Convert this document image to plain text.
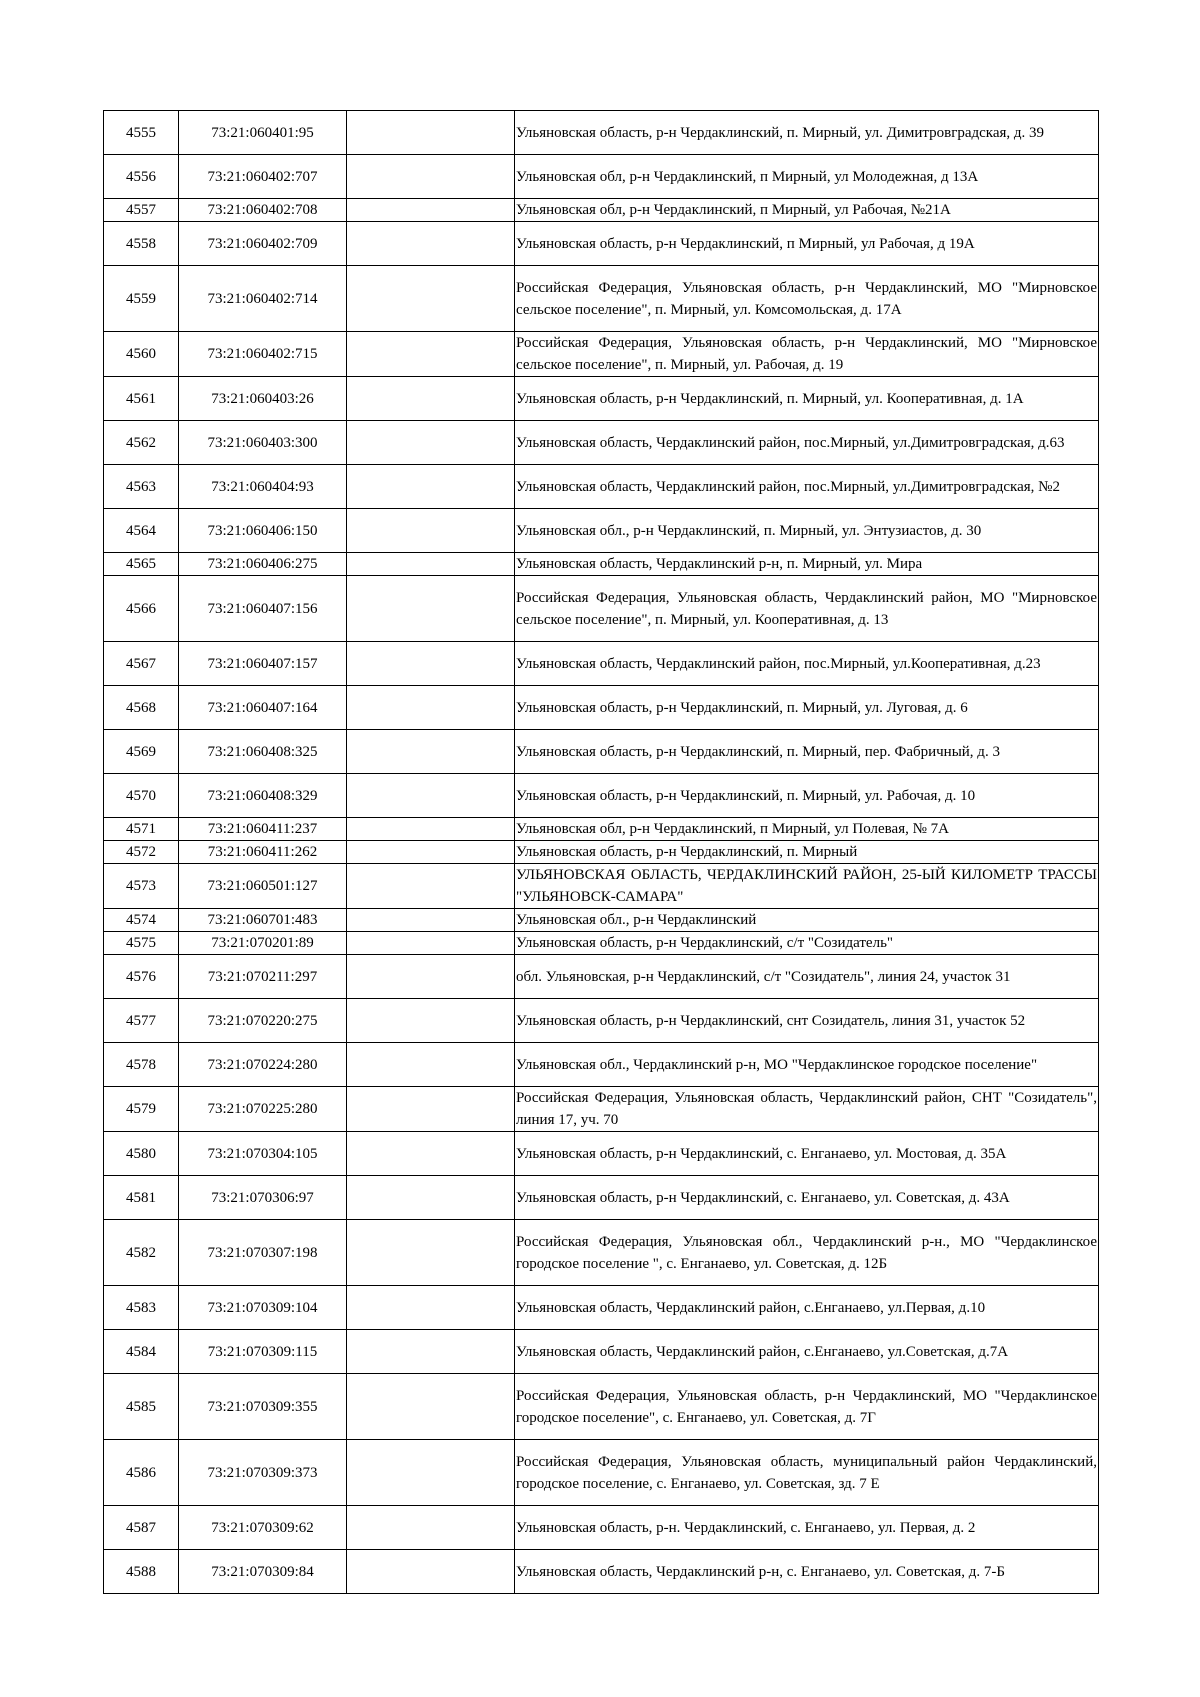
4555	73:21:060401:95		Ульяновская область, р-н Чердаклинский, п. Мирный, ул. Димитровградская, д. 39
4556	73:21:060402:707		Ульяновская обл, р-н Чердаклинский, п Мирный, ул Молодежная, д 13А
4557	73:21:060402:708		Ульяновская обл, р-н Чердаклинский, п Мирный, ул Рабочая, №21А
4558	73:21:060402:709		Ульяновская область, р-н Чердаклинский, п Мирный, ул Рабочая, д 19А
4559	73:21:060402:714		Российская Федерация, Ульяновская область, р-н Чердаклинский, МО "Мирновское сельское поселение", п. Мирный, ул. Комсомольская, д. 17А
4560	73:21:060402:715		Российская Федерация, Ульяновская область, р-н Чердаклинский, МО "Мирновское сельское поселение", п. Мирный, ул. Рабочая, д. 19
4561	73:21:060403:26		Ульяновская область, р-н Чердаклинский, п. Мирный, ул. Кооперативная, д. 1А
4562	73:21:060403:300		Ульяновская область, Чердаклинский район, пос.Мирный, ул.Димитровградская, д.63
4563	73:21:060404:93		Ульяновская область, Чердаклинский район, пос.Мирный, ул.Димитровградская, №2
4564	73:21:060406:150		Ульяновская обл., р-н Чердаклинский, п. Мирный, ул. Энтузиастов, д. 30
4565	73:21:060406:275		Ульяновская область, Чердаклинский р-н, п. Мирный, ул. Мира
4566	73:21:060407:156		Российская Федерация, Ульяновская область, Чердаклинский район, МО "Мирновское сельское поселение", п. Мирный, ул. Кооперативная, д. 13
4567	73:21:060407:157		Ульяновская область, Чердаклинский район, пос.Мирный, ул.Кооперативная, д.23
4568	73:21:060407:164		Ульяновская область, р-н Чердаклинский, п. Мирный, ул. Луговая, д. 6
4569	73:21:060408:325		Ульяновская область, р-н Чердаклинский, п. Мирный, пер. Фабричный, д. 3
4570	73:21:060408:329		Ульяновская область, р-н Чердаклинский, п. Мирный, ул. Рабочая, д. 10
4571	73:21:060411:237		Ульяновская обл, р-н Чердаклинский, п Мирный, ул Полевая, № 7А
4572	73:21:060411:262		Ульяновская область, р-н Чердаклинский, п. Мирный
4573	73:21:060501:127		УЛЬЯНОВСКАЯ ОБЛАСТЬ, ЧЕРДАКЛИНСКИЙ РАЙОН, 25-ЫЙ КИЛОМЕТР ТРАССЫ "УЛЬЯНОВСК-САМАРА"
4574	73:21:060701:483		Ульяновская обл., р-н Чердаклинский
4575	73:21:070201:89		Ульяновская область, р-н Чердаклинский, с/т "Созидатель"
4576	73:21:070211:297		обл. Ульяновская, р-н Чердаклинский, с/т "Созидатель", линия 24, участок 31
4577	73:21:070220:275		Ульяновская область, р-н Чердаклинский, снт Созидатель, линия 31, участок 52
4578	73:21:070224:280		Ульяновская обл., Чердаклинский р-н, МО "Чердаклинское городское поселение"
4579	73:21:070225:280		Российская Федерация, Ульяновская область, Чердаклинский район, СНТ "Созидатель", линия 17, уч. 70
4580	73:21:070304:105		Ульяновская область, р-н Чердаклинский, с. Енганаево, ул. Мостовая, д. 35А
4581	73:21:070306:97		Ульяновская область, р-н Чердаклинский, с. Енганаево, ул. Советская, д. 43А
4582	73:21:070307:198		Российская Федерация, Ульяновская обл., Чердаклинский р-н., МО "Чердаклинское городское поселение ", с. Енганаево, ул. Советская, д. 12Б
4583	73:21:070309:104		Ульяновская область, Чердаклинский район, с.Енганаево, ул.Первая, д.10
4584	73:21:070309:115		Ульяновская область, Чердаклинский район, с.Енганаево, ул.Советская, д.7А
4585	73:21:070309:355		Российская Федерация, Ульяновская область, р-н Чердаклинский, МО "Чердаклинское городское поселение", с. Енганаево, ул. Советская, д. 7Г
4586	73:21:070309:373		Российская Федерация, Ульяновская область, муниципальный район Чердаклинский, городское поселение, с. Енганаево, ул. Советская, зд. 7 Е
4587	73:21:070309:62		Ульяновская область, р-н. Чердаклинский, с. Енганаево, ул. Первая, д. 2
4588	73:21:070309:84		Ульяновская область, Чердаклинский р-н, с. Енганаево, ул. Советская, д. 7-Б
